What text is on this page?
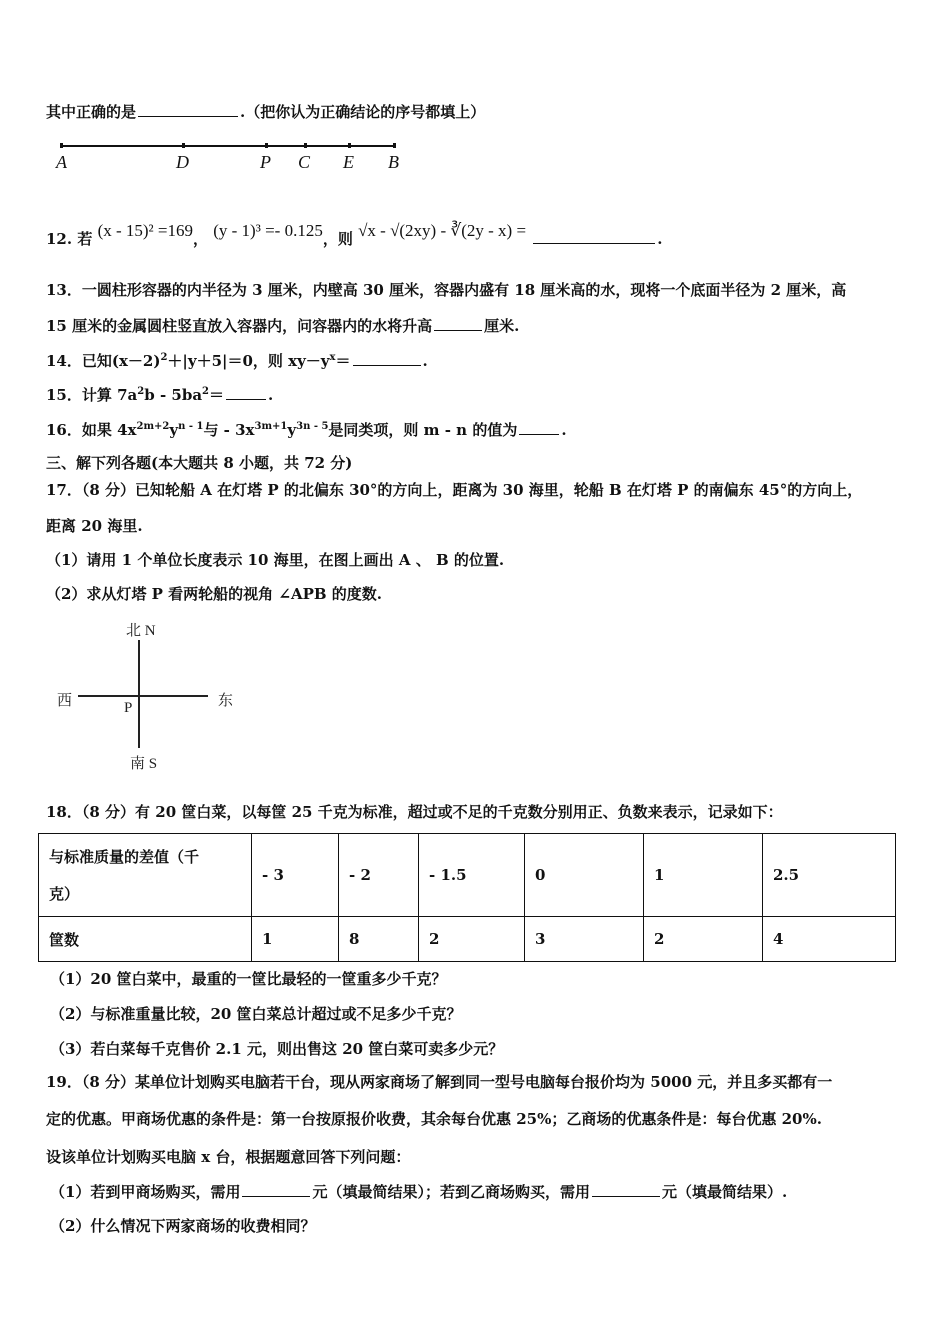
其中正确的是	.（把你认为正确结论的序号都填上）
A	D	P C E B
12. 若 (x - 15)² =169， (y - 1)³ =- 0.125，则 √x - √(2xy) - ∛(2y - x) =	.
13．一圆柱形容器的内半径为 3 厘米，内壁高 30 厘米，容器内盛有 18 厘米高的水，现将一个底面半径为 2 厘米，高
15 厘米的金属圆柱竖直放入容器内，问容器内的水将升高	厘米.
14．已知$(x-2)^2+|y+5|=0$，则 $xy-y^x=$	.
15．计算 $7a^2b - 5ba^2=$	.
16．如果 $4x^{2m+2}y^{n - 1}$与 - $3x^{3m+1}y^{3n - 5}$是同类项，则 m - n 的值为	.
三、解下列各题(本大题共 8 小题，共 72 分)
17．（8 分）已知轮船 A 在灯塔 P 的北偏东 30°的方向上，距离为 30 海里，轮船 B 在灯塔 P 的南偏东 45°的方向上，
距离 20 海里.
（1）请用 1 个单位长度表示 10 海里，在图上画出 A 、 B 的位置.
（2）求从灯塔 P 看两轮船的视角 ∠APB 的度数.
北 N
南 S
西	东
P
18．（8 分）有 20 筐白菜，以每筐 25 千克为标准，超过或不足的千克数分别用正、负数来表示，记录如下：
与标准质量的差值（千
克）	- 3	- 2	- 1.5	0	1	2.5
筐数	1	8	2	3	2	4
（1）20 筐白菜中，最重的一筐比最轻的一筐重多少千克？
（2）与标准重量比较，20 筐白菜总计超过或不足多少千克？
（3）若白菜每千克售价 2.1 元，则出售这 20 筐白菜可卖多少元？
19．（8 分）某单位计划购买电脑若干台，现从两家商场了解到同一型号电脑每台报价均为 5000 元，并且多买都有一
定的优惠。甲商场优惠的条件是：第一台按原报价收费，其余每台优惠 25%；乙商场的优惠条件是：每台优惠 20%.
设该单位计划购买电脑 x 台，根据题意回答下列问题：
（1）若到甲商场购买，需用	元（填最简结果）；若到乙商场购买，需用	元（填最简结果）.
（2）什么情况下两家商场的收费相同？
